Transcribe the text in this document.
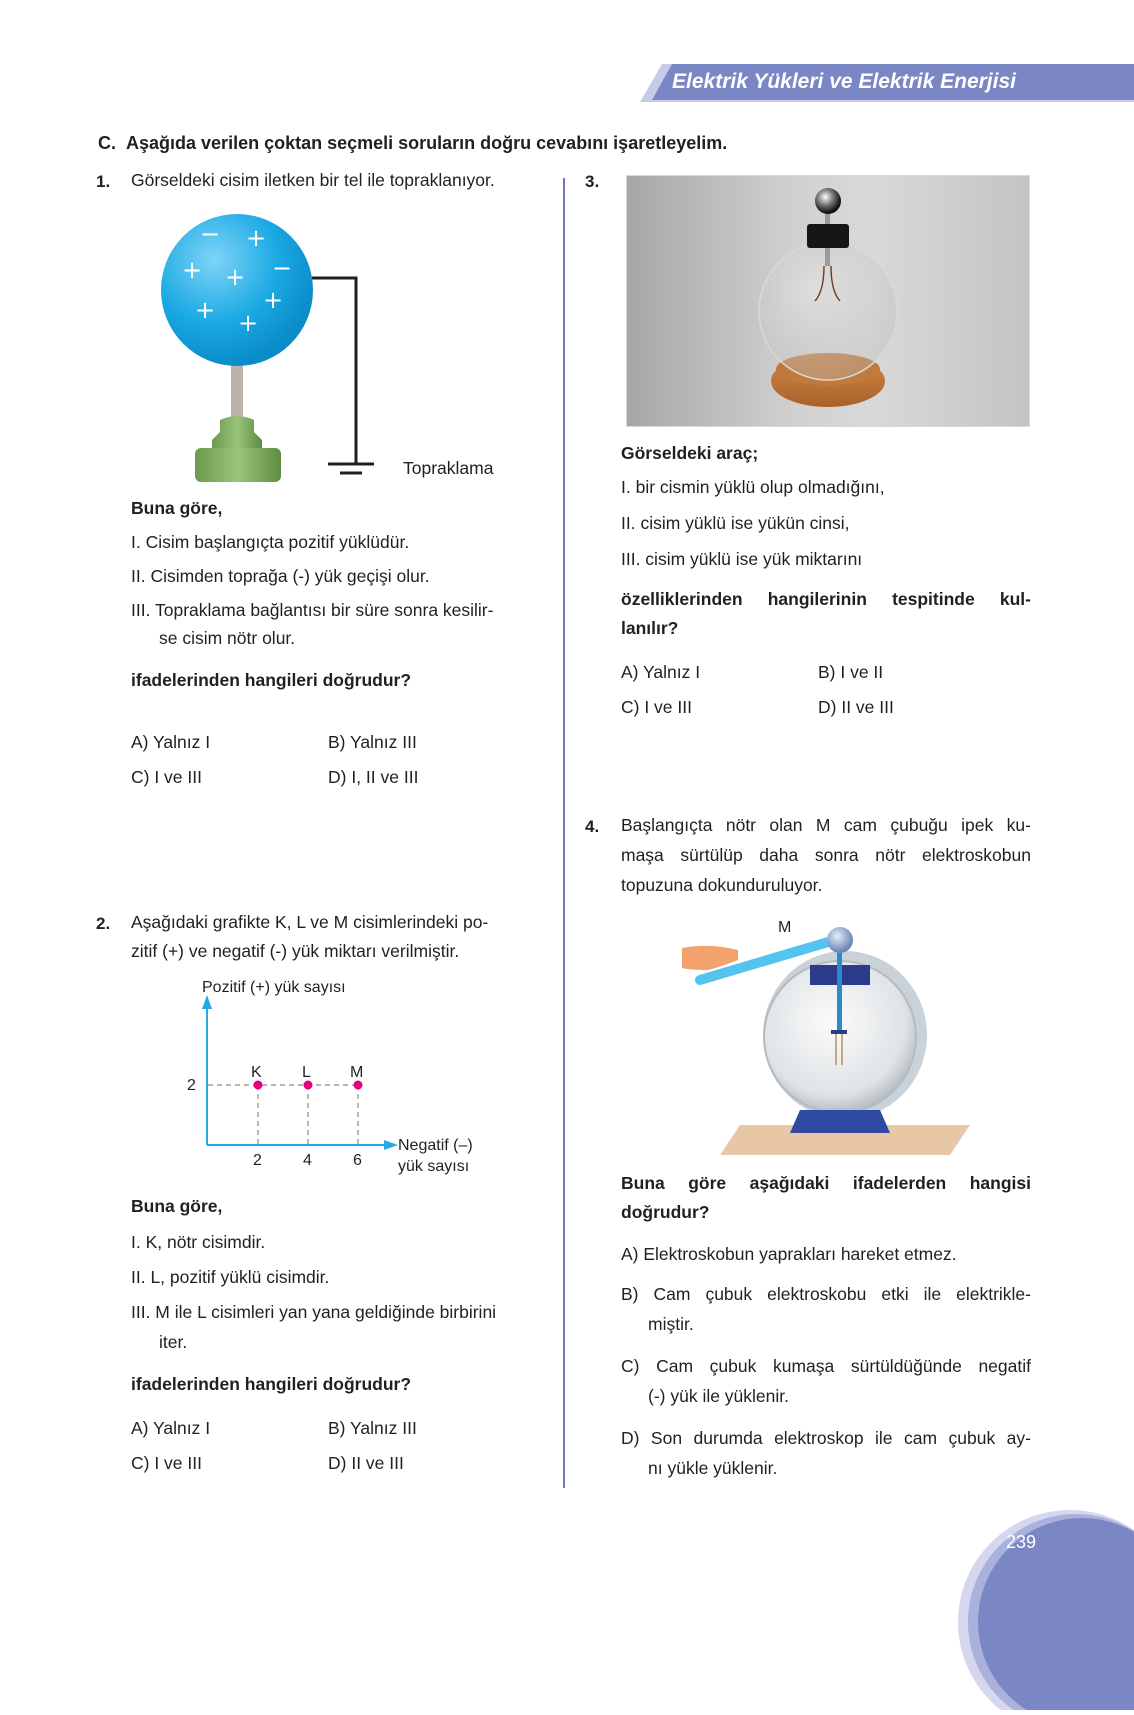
Elektrik Yükleri ve Elektrik Enerjisi
C. Aşağıda verilen çoktan seçmeli soruların doğru cevabını işaretleyelim.
1. Görseldeki cisim iletken bir tel ile topraklanıyor.
− +
+ + −
+
+ +
Topraklama
Buna göre,
I. Cisim başlangıçta pozitif yüklüdür.
II. Cisimden toprağa (-) yük geçişi olur.
III. Topraklama bağlantısı bir süre sonra kesilir-
se cisim nötr olur.
ifadelerinden hangileri doğrudur?
A) Yalnız I	B) Yalnız III
C) I ve III	D) I, II ve III
2. Aşağıdaki grafikte K, L ve M cisimlerindeki po-
zitif (+) ve negatif (-) yük miktarı verilmiştir.
Pozitif (+) yük sayısı
K	L M
2
2	4	6
Negatif (–)
yük sayısı
Buna göre,
I. K, nötr cisimdir.
II. L, pozitif yüklü cisimdir.
III. M ile L cisimleri yan yana geldiğinde birbirini
iter.
ifadelerinden hangileri doğrudur?
A) Yalnız I	B) Yalnız III
C) I ve III	D) II ve III
3.
Görseldeki araç;
I. bir cismin yüklü olup olmadığını,
II. cisim yüklü ise yükün cinsi,
III. cisim yüklü ise yük miktarını
özelliklerinden hangilerinin tespitinde kul-
lanılır?
A) Yalnız I	B) I ve II
C) I ve III	D) II ve III
4. Başlangıçta nötr olan M cam çubuğu ipek ku-
maşa sürtülüp daha sonra nötr elektroskobun
topuzuna dokunduruluyor.
M
Buna göre aşağıdaki ifadelerden hangisi
doğrudur?
A) Elektroskobun yaprakları hareket etmez.
B) Cam çubuk elektroskobu etki ile elektrikle-
miştir.
C) Cam çubuk kumaşa sürtüldüğünde negatif
(-) yük ile yüklenir.
D) Son durumda elektroskop ile cam çubuk ay-
nı yükle yüklenir.
239
